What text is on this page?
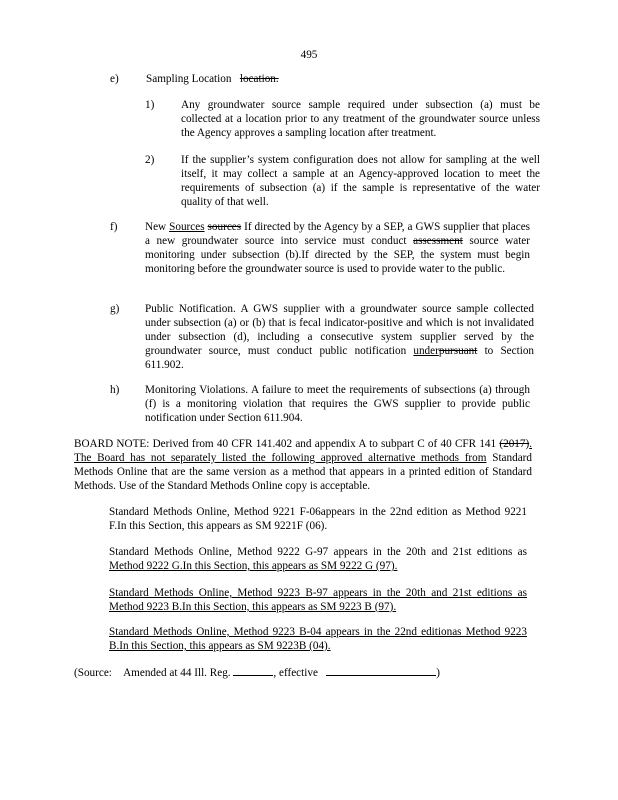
495
e) Sampling Location location.
1) Any groundwater source sample required under subsection (a) must be collected at a location prior to any treatment of the groundwater source unless the Agency approves a sampling location after treatment.

2) If the supplier’s system configuration does not allow for sampling at the well itself, it may collect a sample at an Agency-approved location to meet the requirements of subsection (a) if the sample is representative of the water quality of that well.

f) New Sources sources If directed by the Agency by a SEP, a GWS supplier that places a new groundwater source into service must conduct assessment source water monitoring under subsection (b).If directed by the SEP, the system must begin monitoring before the groundwater source is used to provide water to the public.

g) Public Notification. A GWS supplier with a groundwater source sample collected under subsection (a) or (b) that is fecal indicator-positive and which is not invalidated under subsection (d), including a consecutive system supplier served by the groundwater source, must conduct public notification underpursuant to Section 611.902.

h) Monitoring Violations. A failure to meet the requirements of subsections (a) through (f) is a monitoring violation that requires the GWS supplier to provide public notification under Section 611.904.

BOARD NOTE: Derived from 40 CFR 141.402 and appendix A to subpart C of 40 CFR 141 (2017). The Board has not separately listed the following approved alternative methods from Standard Methods Online that are the same version as a method that appears in a printed edition of Standard Methods. Use of the Standard Methods Online copy is acceptable.

Standard Methods Online, Method 9221 F-06appears in the 22nd edition as Method 9221 F.In this Section, this appears as SM 9221F (06).

Standard Methods Online, Method 9222 G-97 appears in the 20th and 21st editions as Method 9222 G.In this Section, this appears as SM 9222 G (97).

Standard Methods Online, Method 9223 B-97 appears in the 20th and 21st editions as Method 9223 B.In this Section, this appears as SM 9223 B (97).

Standard Methods Online, Method 9223 B-04 appears in the 22nd editionas Method 9223 B.In this Section, this appears as SM 9223B (04).

(Source: Amended at 44 Ill. Reg.	, effective	)
